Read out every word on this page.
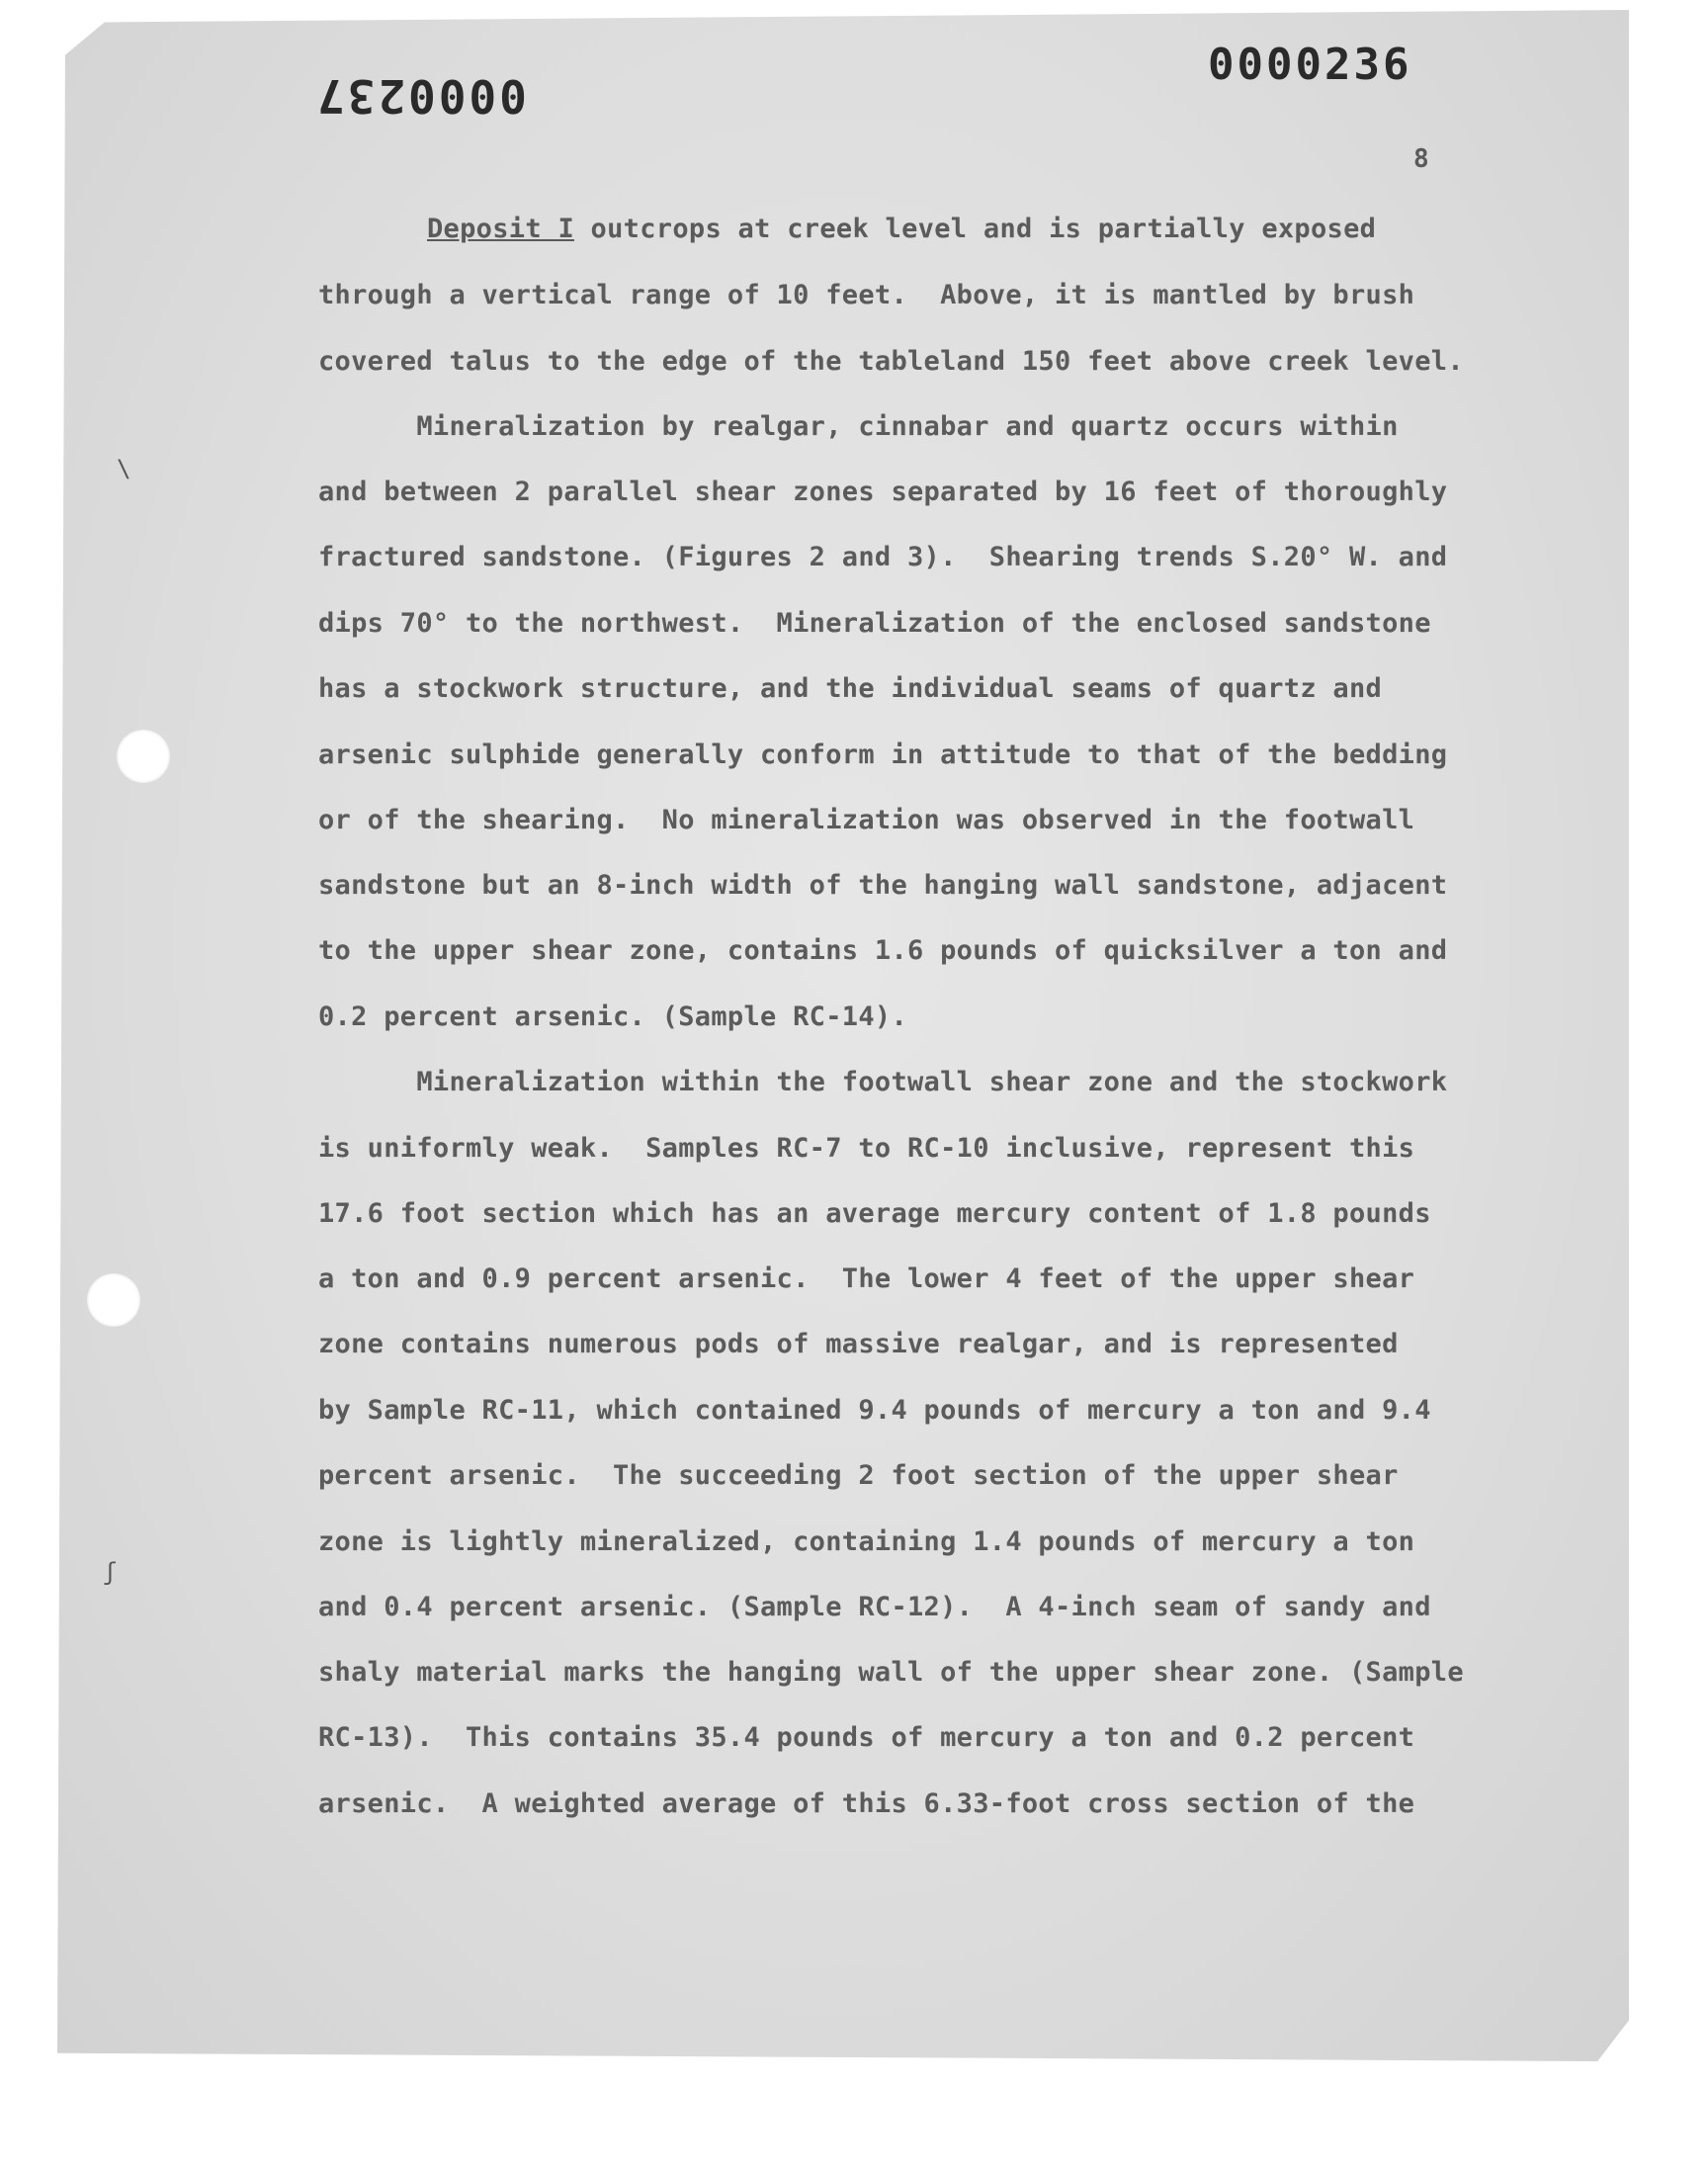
0000237
0000236
8
\
ʃ
Deposit I outcrops at creek level and is partially exposed
through a vertical range of 10 feet.  Above, it is mantled by brush
covered talus to the edge of the tableland 150 feet above creek level.
Mineralization by realgar, cinnabar and quartz occurs within
and between 2 parallel shear zones separated by 16 feet of thoroughly
fractured sandstone. (Figures 2 and 3).  Shearing trends S.20° W. and
dips 70° to the northwest.  Mineralization of the enclosed sandstone
has a stockwork structure, and the individual seams of quartz and
arsenic sulphide generally conform in attitude to that of the bedding
or of the shearing.  No mineralization was observed in the footwall
sandstone but an 8-inch width of the hanging wall sandstone, adjacent
to the upper shear zone, contains 1.6 pounds of quicksilver a ton and
0.2 percent arsenic. (Sample RC-14).
Mineralization within the footwall shear zone and the stockwork
is uniformly weak.  Samples RC-7 to RC-10 inclusive, represent this
17.6 foot section which has an average mercury content of 1.8 pounds
a ton and 0.9 percent arsenic.  The lower 4 feet of the upper shear
zone contains numerous pods of massive realgar, and is represented
by Sample RC-11, which contained 9.4 pounds of mercury a ton and 9.4
percent arsenic.  The succeeding 2 foot section of the upper shear
zone is lightly mineralized, containing 1.4 pounds of mercury a ton
and 0.4 percent arsenic. (Sample RC-12).  A 4-inch seam of sandy and
shaly material marks the hanging wall of the upper shear zone. (Sample
RC-13).  This contains 35.4 pounds of mercury a ton and 0.2 percent
arsenic.  A weighted average of this 6.33-foot cross section of the
